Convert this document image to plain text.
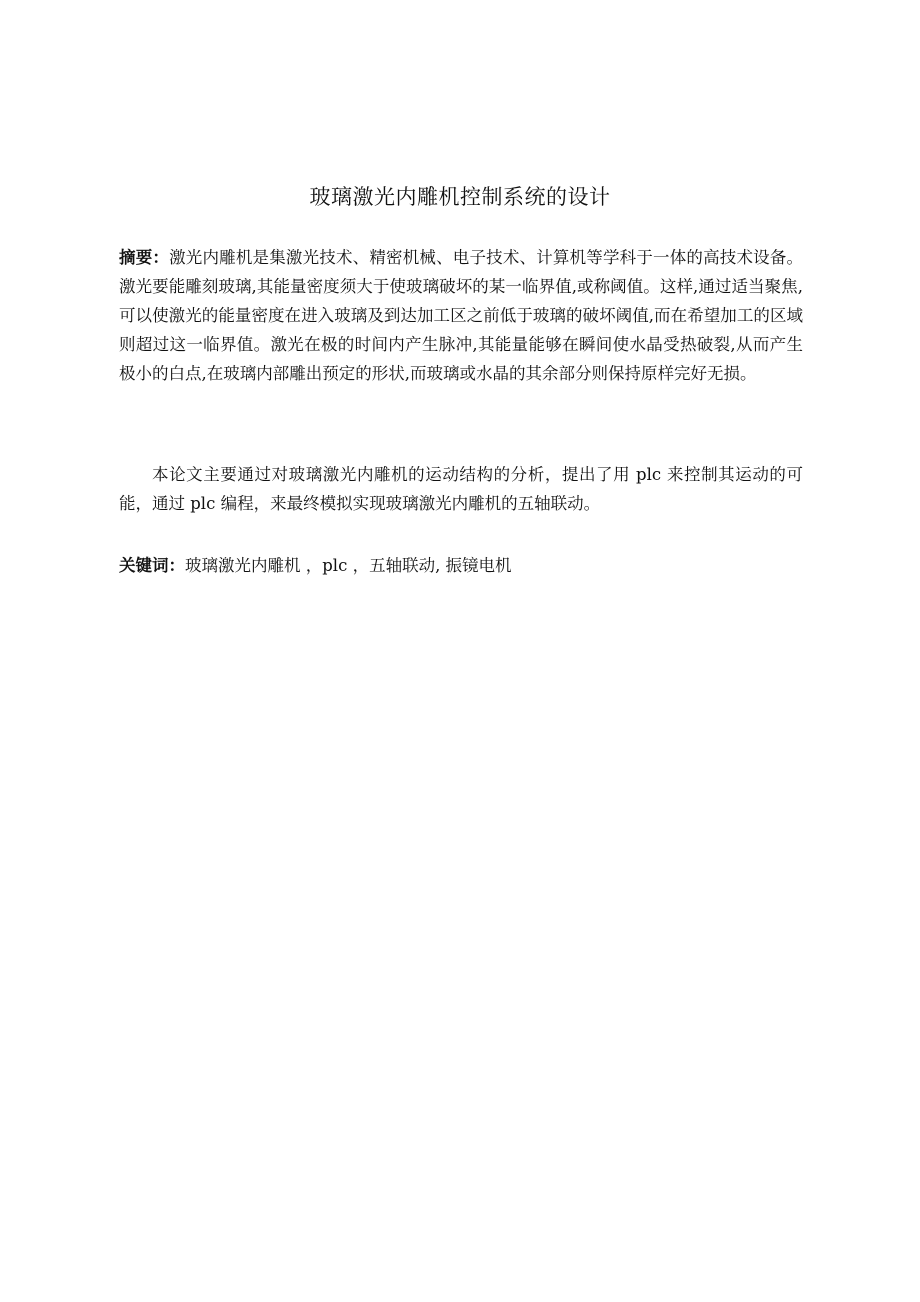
玻璃激光内雕机控制系统的设计
摘要：激光内雕机是集激光技术、精密机械、电子技术、计算机等学科于一体的高技术设备。激光要能雕刻玻璃,其能量密度须大于使玻璃破坏的某一临界值,或称阈值。这样,通过适当聚焦,可以使激光的能量密度在进入玻璃及到达加工区之前低于玻璃的破坏阈值,而在希望加工的区域则超过这一临界值。激光在极的时间内产生脉冲,其能量能够在瞬间使水晶受热破裂,从而产生极小的白点,在玻璃内部雕出预定的形状,而玻璃或水晶的其余部分则保持原样完好无损。
本论文主要通过对玻璃激光内雕机的运动结构的分析，提出了用 plc 来控制其运动的可能，通过 plc 编程，来最终模拟实现玻璃激光内雕机的五轴联动。
关键词：玻璃激光内雕机 ，plc ，五轴联动, 振镜电机
